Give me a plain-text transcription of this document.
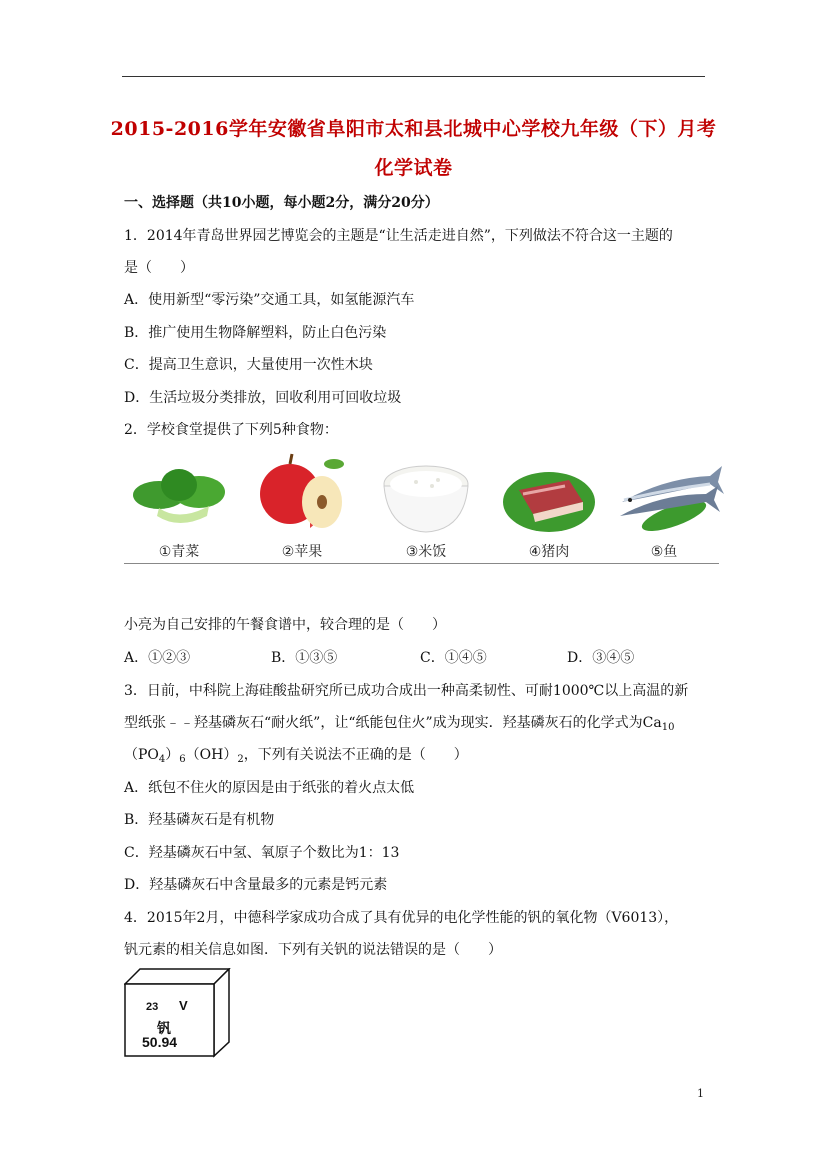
2015-2016学年安徽省阜阳市太和县北城中心学校九年级（下）月考
化学试卷
一、选择题（共10小题，每小题2分，满分20分）
1．2014年青岛世界园艺博览会的主题是“让生活走进自然”，下列做法不符合这一主题的
是（　　）
A．使用新型“零污染”交通工具，如氢能源汽车
B．推广使用生物降解塑料，防止白色污染
C．提高卫生意识，大量使用一次性木块
D．生活垃圾分类排放，回收利用可回收垃圾
2．学校食堂提供了下列5种食物：
①青菜	②苹果	③米饭	④猪肉	⑤鱼
小亮为自己安排的午餐食谱中，较合理的是（　　）
A．①②③	B．①③⑤	C．①④⑤	D．③④⑤
3．日前，中科院上海硅酸盐研究所已成功合成出一种高柔韧性、可耐1000℃以上高温的新
型纸张﹣﹣羟基磷灰石“耐火纸”，让“纸能包住火”成为现实．羟基磷灰石的化学式为$Ca_{10}$
$(PO_4)_6(OH)_2$，下列有关说法不正确的是（　　）
A．纸包不住火的原因是由于纸张的着火点太低
B．羟基磷灰石是有机物
C．羟基磷灰石中氢、氧原子个数比为1：13
D．羟基磷灰石中含量最多的元素是钙元素
4．2015年2月，中德科学家成功合成了具有优异的电化学性能的钒的氧化物（V6013），
钒元素的相关信息如图．下列有关钒的说法错误的是（　　）
23 V
钒
50.94
1
